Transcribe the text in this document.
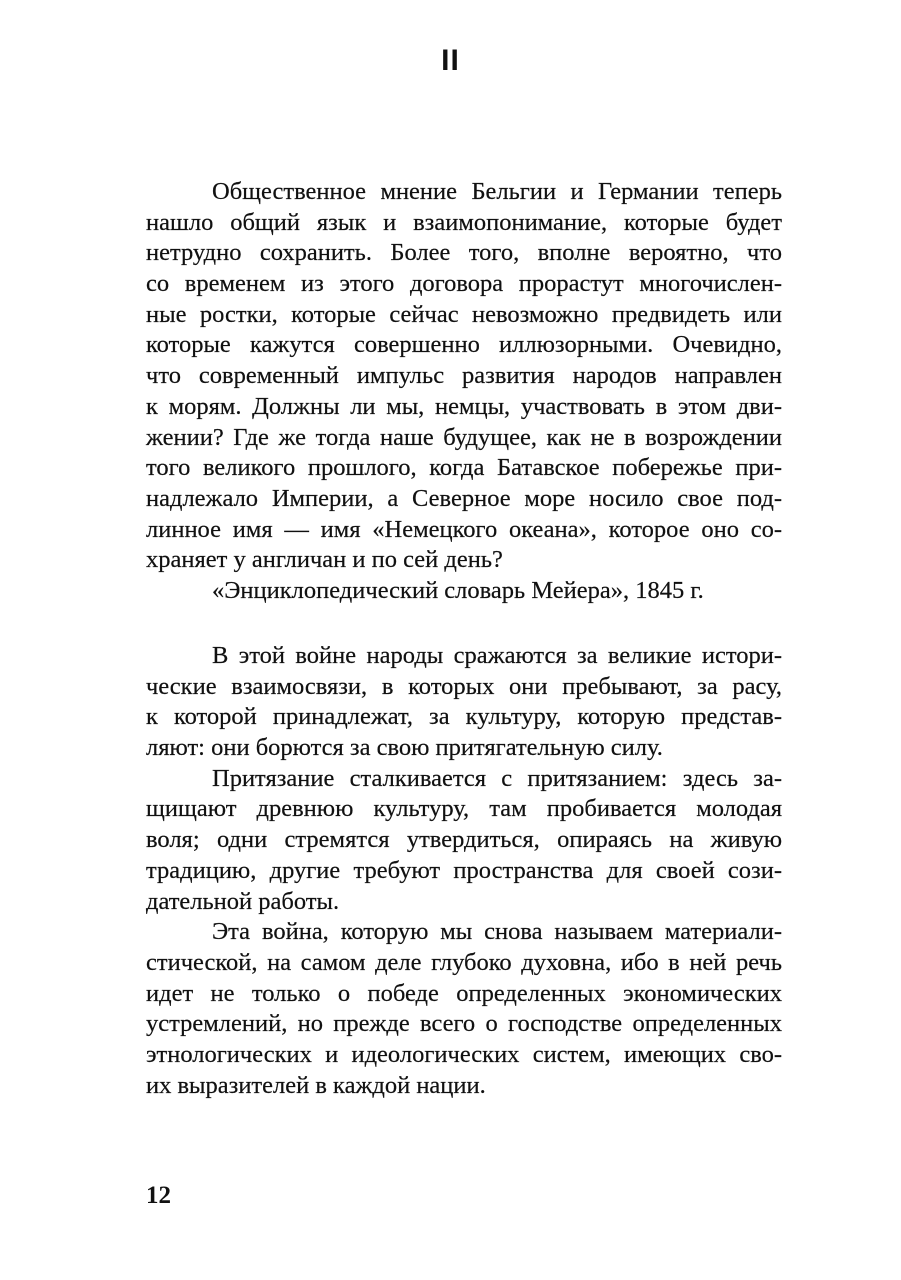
II
Общественное мнение Бельгии и Германии теперь
нашло общий язык и взаимопонимание, которые будет
нетрудно сохранить. Более того, вполне вероятно, что
со временем из этого договора прорастут многочислен-
ные ростки, которые сейчас невозможно предвидеть или
которые кажутся совершенно иллюзорными. Очевидно,
что современный импульс развития народов направлен
к морям. Должны ли мы, немцы, участвовать в этом дви-
жении? Где же тогда наше будущее, как не в возрождении
того великого прошлого, когда Батавское побережье при-
надлежало Империи, а Северное море носило свое под-
линное имя — имя «Немецкого океана», которое оно со-
храняет у англичан и по сей день?
«Энциклопедический словарь Мейера», 1845 г.
В этой войне народы сражаются за великие истори-
ческие взаимосвязи, в которых они пребывают, за расу,
к которой принадлежат, за культуру, которую представ-
ляют: они борются за свою притягательную силу.
Притязание сталкивается с притязанием: здесь за-
щищают древнюю культуру, там пробивается молодая
воля; одни стремятся утвердиться, опираясь на живую
традицию, другие требуют пространства для своей сози-
дательной работы.
Эта война, которую мы снова называем материали-
стической, на самом деле глубоко духовна, ибо в ней речь
идет не только о победе определенных экономических
устремлений, но прежде всего о господстве определенных
этнологических и идеологических систем, имеющих сво-
их выразителей в каждой нации.
12
